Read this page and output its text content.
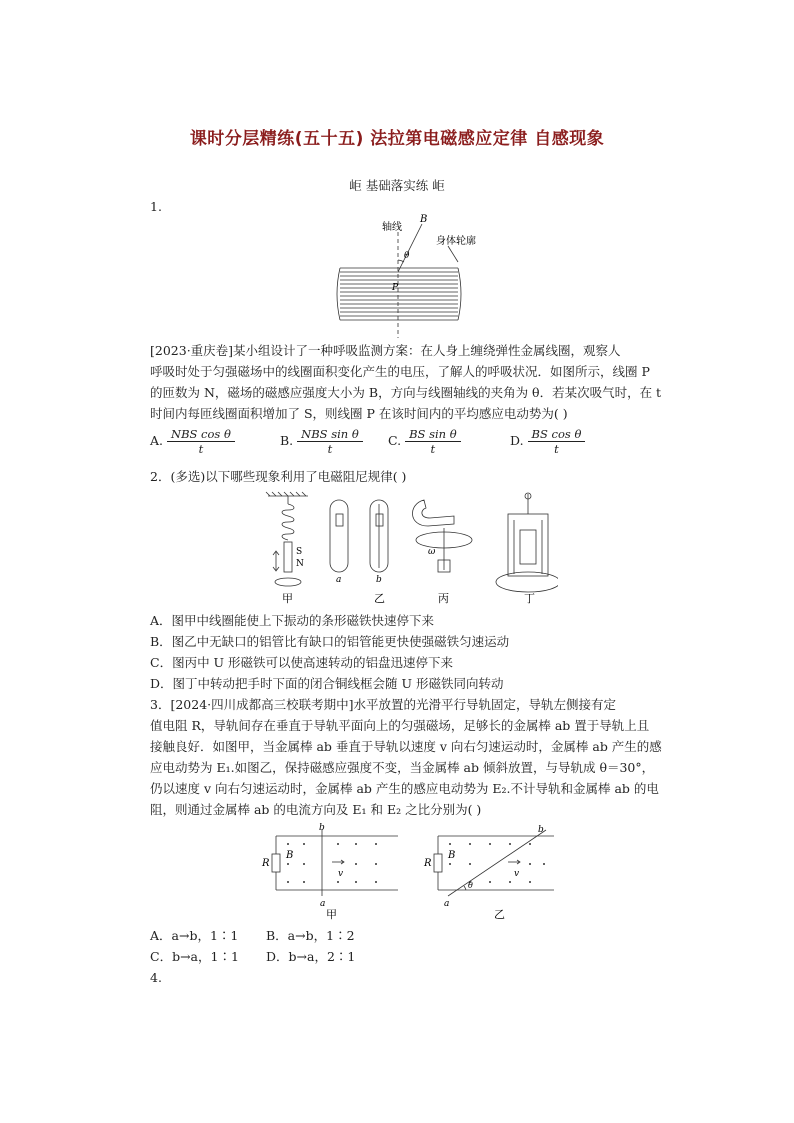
课时分层精练(五十五) 法拉第电磁感应定律 自感现象
岠 基础落实练 岠
1.
轴线
B
θ
身体轮廓
P
[2023·重庆卷]某小组设计了一种呼吸监测方案：在人身上缠绕弹性金属线圈，观察人
呼吸时处于匀强磁场中的线圈面积变化产生的电压，了解人的呼吸状况．如图所示，线圈 P
的匝数为 N，磁场的磁感应强度大小为 B，方向与线圈轴线的夹角为 θ．若某次吸气时，在 t
时间内每匝线圈面积增加了 S，则线圈 P 在该时间内的平均感应电动势为( )
A. $\frac{\text{NBS cos θ}}{t}$	B. $\frac{\text{NBS sin θ}}{t} C$. $\frac{\text{BS sin θ}}{t}$	D. $\frac{\text{BS cos θ}}{t}$
2．(多选)以下哪些现象利用了电磁阻尼规律( )
S
N
a	b
ω
甲	乙	丙	丁
A．图甲中线圈能使上下振动的条形磁铁快速停下来
B．图乙中无缺口的铝管比有缺口的铝管能更快使强磁铁匀速运动
C．图丙中 U 形磁铁可以使高速转动的铝盘迅速停下来
D．图丁中转动把手时下面的闭合铜线框会随 U 形磁铁同向转动
3．[2024·四川成都高三校联考期中]水平放置的光滑平行导轨固定，导轨左侧接有定
值电阻 R，导轨间存在垂直于导轨平面向上的匀强磁场，足够长的金属棒 ab 置于导轨上且
接触良好．如图甲，当金属棒 ab 垂直于导轨以速度 v 向右匀速运动时，金属棒 ab 产生的感
应电动势为 E₁.如图乙，保持磁感应强度不变，当金属棒 ab 倾斜放置，与导轨成 θ＝30°，
仍以速度 v 向右匀速运动时，金属棒 ab 产生的感应电动势为 E₂.不计导轨和金属棒 ab 的电
阻，则通过金属棒 ab 的电流方向及 E₁ 和 E₂ 之比分别为( )
R
B
b
a
v
甲
R
B
b
a
θ
v
乙
A．a→b，1∶1 B．a→b，1∶2
C．b→a，1∶1 D．b→a，2∶1
4.
